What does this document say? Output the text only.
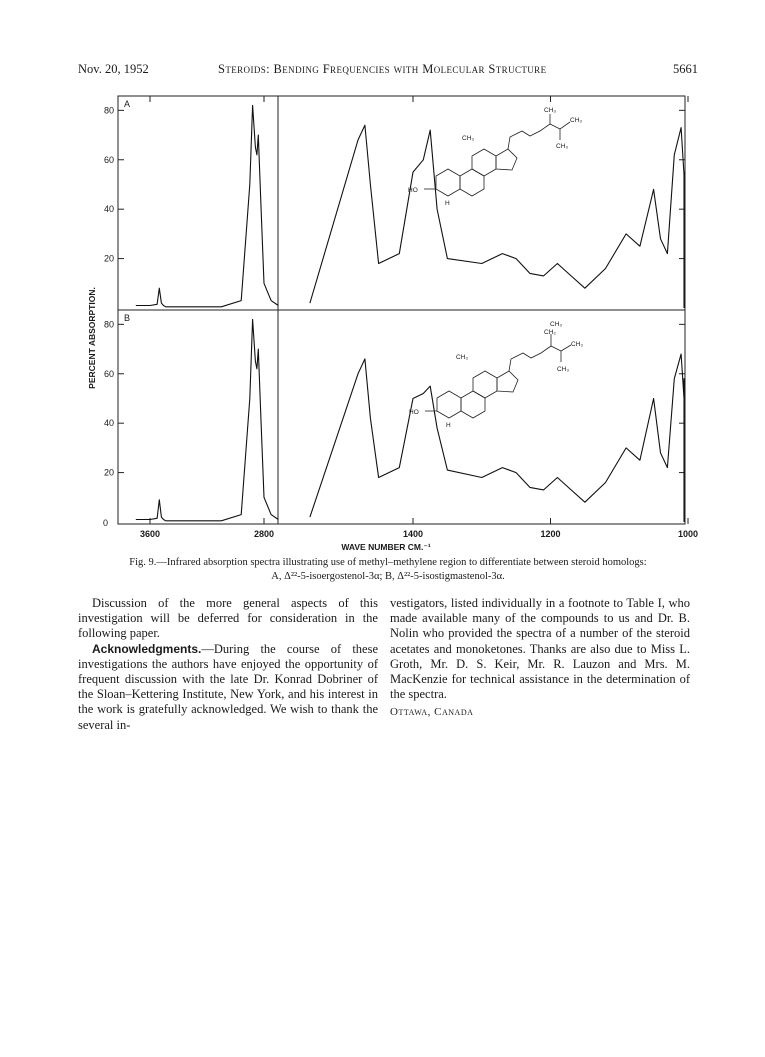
Nov. 20, 1952	Steroids: Bending Frequencies with Molecular Structure	5661
20
40
60
80
20
40
60
80
3600	2800	1400	1200	1000
A
B
PERCENT ABSORPTION.
WAVE NUMBER CM.⁻¹
0
CH₃
CH₃
CH₃
CH₃
HO
H
CH₃
CH₂
CH₃
CH₃
CH₃
HO
H
Fig. 9.—Infrared absorption spectra illustrating use of methyl–methylene region to differentiate between steroid homologs:
A, Δ²²-5-isoergostenol-3α; B, Δ²²-5-isostigmastenol-3α.

Discussion of the more general aspects of this investigation will be deferred for consideration in the following paper.

Acknowledgments.—During the course of these investigations the authors have enjoyed the opportunity of frequent discussion with the late Dr. Konrad Dobriner of the Sloan–Kettering Institute, New York, and his interest in the work is gratefully acknowledged. We wish to thank the several in-

vestigators, listed individually in a footnote to Table I, who made available many of the compounds to us and Dr. B. Nolin who provided the spectra of a number of the steroid acetates and monoketones. Thanks are also due to Miss L. Groth, Mr. D. S. Keir, Mr. R. Lauzon and Mrs. M. MacKenzie for technical assistance in the determination of the spectra.

Ottawa, Canada
